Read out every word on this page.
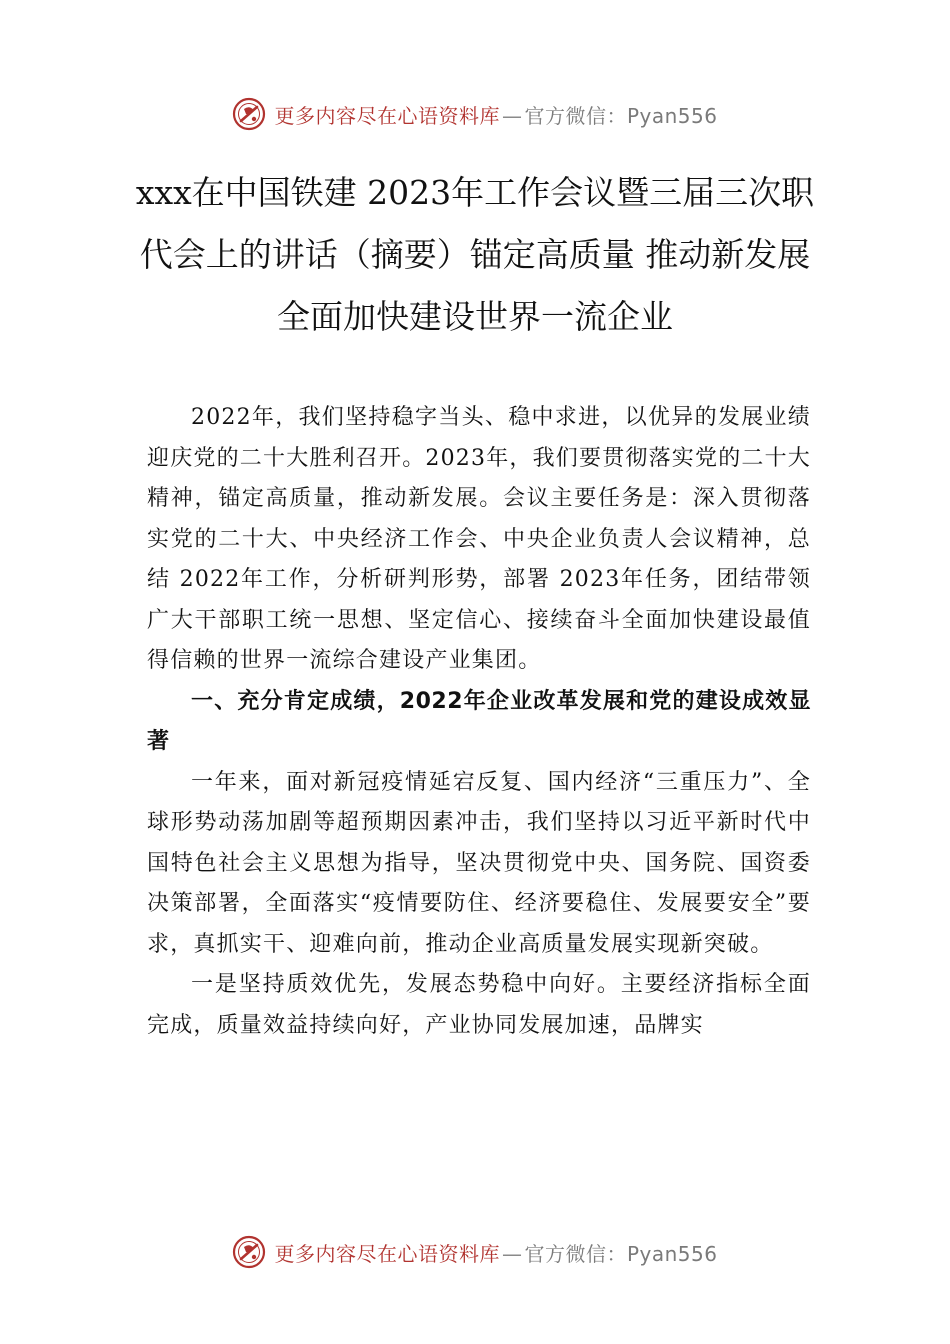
更多内容尽在心语资料库 — 官方微信：Pyan556
xxx在中国铁建 2023年工作会议暨三届三次职代会上的讲话（摘要）锚定高质量 推动新发展 全面加快建设世界一流企业

2022年，我们坚持稳字当头、稳中求进，以优异的发展业绩迎庆党的二十大胜利召开。2023年，我们要贯彻落实党的二十大精神，锚定高质量，推动新发展。会议主要任务是：深入贯彻落实党的二十大、中央经济工作会、中央企业负责人会议精神，总结 2022年工作，分析研判形势，部署 2023年任务，团结带领广大干部职工统一思想、坚定信心、接续奋斗全面加快建设最值得信赖的世界一流综合建设产业集团。

一、充分肯定成绩，2022年企业改革发展和党的建设成效显著

一年来，面对新冠疫情延宕反复、国内经济“三重压力”、全球形势动荡加剧等超预期因素冲击，我们坚持以习近平新时代中国特色社会主义思想为指导，坚决贯彻党中央、国务院、国资委决策部署，全面落实“疫情要防住、经济要稳住、发展要安全”要求，真抓实干、迎难向前，推动企业高质量发展实现新突破。

一是坚持质效优先，发展态势稳中向好。主要经济指标全面完成，质量效益持续向好，产业协同发展加速，品牌实

更多内容尽在心语资料库 — 官方微信：Pyan556
